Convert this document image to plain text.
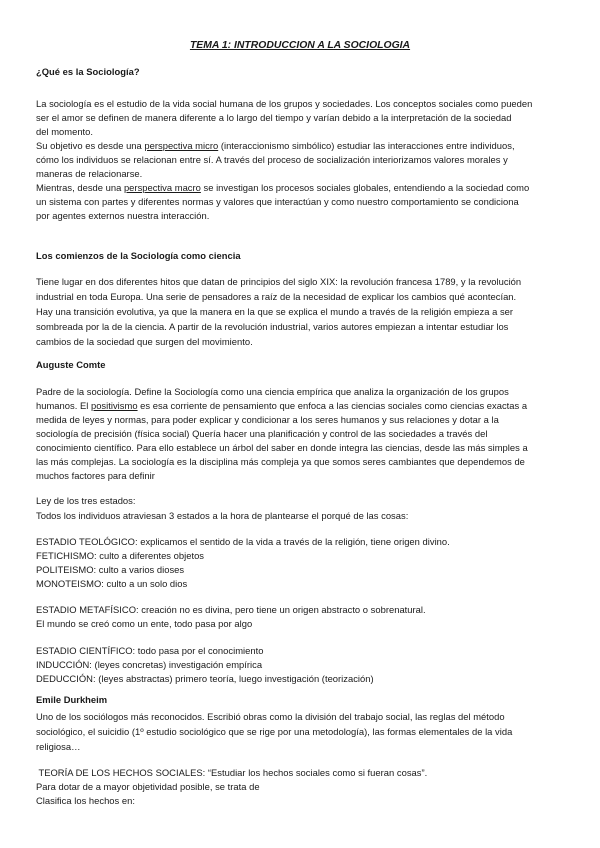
TEMA 1: INTRODUCCION A LA SOCIOLOGIA
¿Qué es la Sociología?
La sociología es el estudio de la vida social humana de los grupos y sociedades. Los conceptos sociales como pueden
ser el amor se definen de manera diferente a lo largo del tiempo y varían debido a la interpretación de la sociedad
del momento.
Su objetivo es desde una perspectiva micro (interaccionismo simbólico) estudiar las interacciones entre individuos,
cómo los individuos se relacionan entre sí. A través del proceso de socialización interiorizamos valores morales y
maneras de relacionarse.
Mientras, desde una perspectiva macro se investigan los procesos sociales globales, entendiendo a la sociedad como
un sistema con partes y diferentes normas y valores que interactúan y como nuestro comportamiento se condiciona
por agentes externos nuestra interacción.
Los comienzos de la Sociología como ciencia
Tiene lugar en dos diferentes hitos que datan de principios del siglo XIX: la revolución francesa 1789, y la revolución
industrial en toda Europa. Una serie de pensadores a raíz de la necesidad de explicar los cambios qué acontecían.
Hay una transición evolutiva, ya que la manera en la que se explica el mundo a través de la religión empieza a ser
sombreada por la de la ciencia. A partir de la revolución industrial, varios autores empiezan a intentar estudiar los
cambios de la sociedad que surgen del movimiento.
Auguste Comte
Padre de la sociología. Define la Sociología como una ciencia empírica que analiza la organización de los grupos
humanos. El positivismo es esa corriente de pensamiento que enfoca a las ciencias sociales como ciencias exactas a
medida de leyes y normas, para poder explicar y condicionar a los seres humanos y sus relaciones y dotar a la
sociología de precisión (física social) Quería hacer una planificación y control de las sociedades a través del
conocimiento científico. Para ello establece un árbol del saber en donde integra las ciencias, desde las más simples a
las más complejas. La sociología es la disciplina más compleja ya que somos seres cambiantes que dependemos de
muchos factores para definir
Ley de los tres estados:
Todos los individuos atraviesan 3 estados a la hora de plantearse el porqué de las cosas:
ESTADIO TEOLÓGICO: explicamos el sentido de la vida a través de la religión, tiene origen divino.
FETICHISMO: culto a diferentes objetos
POLITEISMO: culto a varios dioses
MONOTEISMO: culto a un solo dios
ESTADIO METAFÍSICO: creación no es divina, pero tiene un origen abstracto o sobrenatural.
El mundo se creó como un ente, todo pasa por algo
ESTADIO CIENTÍFICO: todo pasa por el conocimiento
INDUCCIÓN: (leyes concretas) investigación empírica
DEDUCCIÓN: (leyes abstractas) primero teoría, luego investigación (teorización)
Emile Durkheim
Uno de los sociólogos más reconocidos. Escribió obras como la división del trabajo social, las reglas del método
sociológico, el suicidio (1º estudio sociológico que se rige por una metodología), las formas elementales de la vida
religiosa…
TEORÍA DE LOS HECHOS SOCIALES: “Estudiar los hechos sociales como si fueran cosas”.
Para dotar de a mayor objetividad posible, se trata de
Clasifica los hechos en:
